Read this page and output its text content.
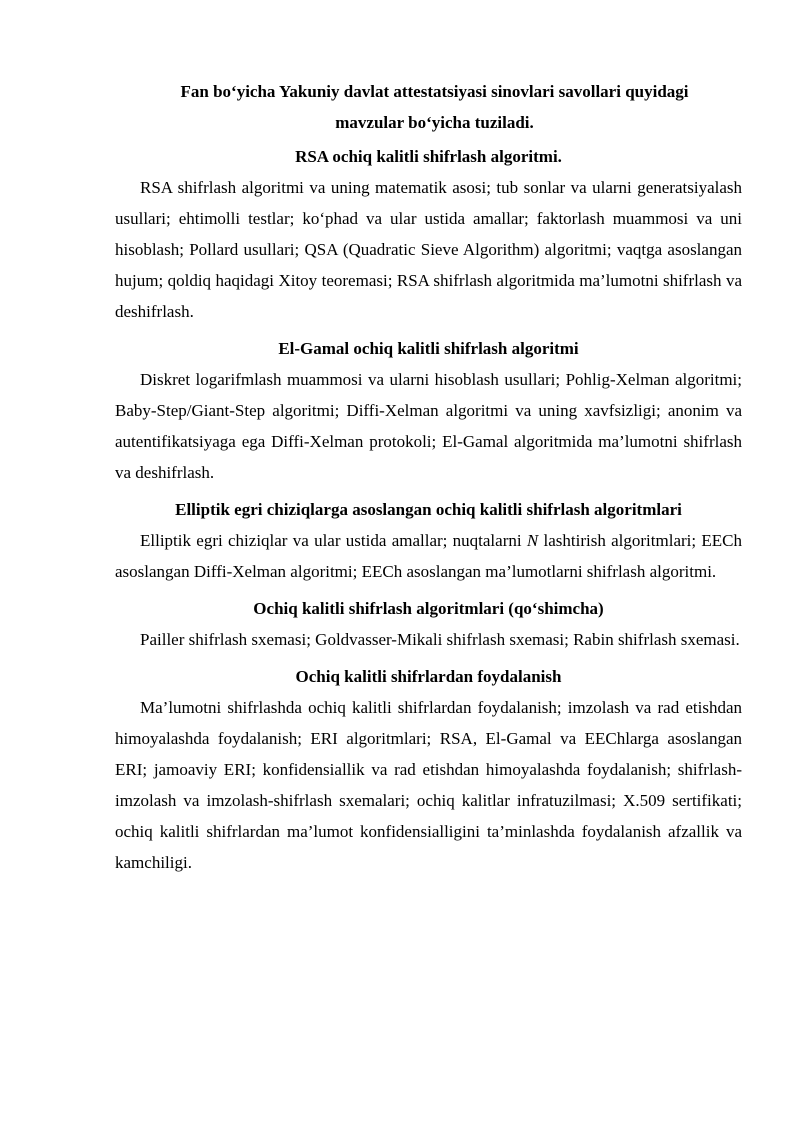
Fan bo‘yicha Yakuniy davlat attestatsiyasi sinovlari savollari quyidagi
mavzular bo‘yicha tuziladi.

RSA ochiq kalitli shifrlash algoritmi.

RSA shifrlash algoritmi va uning matematik asosi; tub sonlar va ularni generatsiyalash usullari; ehtimolli testlar; ko‘phad va ular ustida amallar; faktorlash muammosi va uni hisoblash; Pollard usullari; QSA (Quadratic Sieve Algorithm) algoritmi; vaqtga asoslangan hujum; qoldiq haqidagi Xitoy teoremasi; RSA shifrlash algoritmida ma’lumotni shifrlash va deshifrlash.

El-Gamal ochiq kalitli shifrlash algoritmi

Diskret logarifmlash muammosi va ularni hisoblash usullari; Pohlig-Xelman algoritmi; Baby-Step/Giant-Step algoritmi; Diffi-Xelman algoritmi va uning xavfsizligi; anonim va autentifikatsiyaga ega Diffi-Xelman protokoli; El-Gamal algoritmida ma’lumotni shifrlash va deshifrlash.

Elliptik egri chiziqlarga asoslangan ochiq kalitli shifrlash algoritmlari

Elliptik egri chiziqlar va ular ustida amallar; nuqtalarni N lashtirish algoritmlari; EECh asoslangan Diffi-Xelman algoritmi; EECh asoslangan ma’lumotlarni shifrlash algoritmi.

Ochiq kalitli shifrlash algoritmlari (qo‘shimcha)

Pailler shifrlash sxemasi; Goldvasser-Mikali shifrlash sxemasi; Rabin shifrlash sxemasi.

Ochiq kalitli shifrlardan foydalanish

Ma’lumotni shifrlashda ochiq kalitli shifrlardan foydalanish; imzolash va rad etishdan himoyalashda foydalanish; ERI algoritmlari; RSA, El-Gamal va EEChlarga asoslangan ERI; jamoaviy ERI; konfidensiallik va rad etishdan himoyalashda foydalanish; shifrlash-imzolash va imzolash-shifrlash sxemalari; ochiq kalitlar infratuzilmasi; X.509 sertifikati; ochiq kalitli shifrlardan ma’lumot konfidensialligini ta’minlashda foydalanish afzallik va kamchiligi.
